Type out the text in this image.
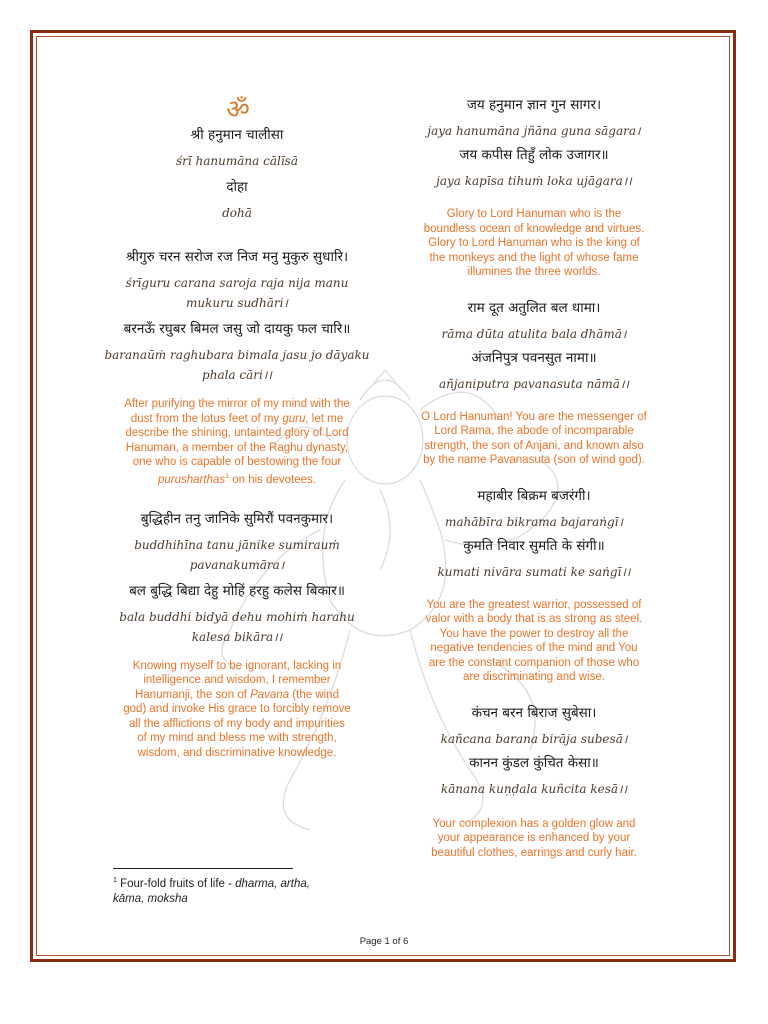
ॐ
श्री हनुमान चालीसा
śrī hanumāna cālīsā
दोहा
dohā
श्रीगुरु चरन सरोज रज निज मनु मुकुरु सुधारि।
śrīguru carana saroja raja nija manu
mukuru sudhāri।
बरनऊँ रघुबर बिमल जसु जो दायकु फल चारि॥
baranaūṁ raghubara bimala jasu jo dāyaku
phala cāri।।
After purifying the mirror of my mind with the
dust from the lotus feet of my guru, let me
describe the shining, untainted glory of Lord
Hanuman, a member of the Raghu dynasty,
one who is capable of bestowing the four
purusharthas$^1$ on his devotees.
बुद्धिहीन तनु जानिके सुमिरौं पवनकुमार।
buddhihīna tanu jānike sumirauṁ
pavanakumāra।
बल बुद्धि बिद्या देहु मोहिं हरहु कलेस बिकार॥
bala buddhi bidyā dehu mohiṁ harahu
kalesa bikāra।।
Knowing myself to be ignorant, lacking in
intelligence and wisdom, I remember
Hanumanji, the son of Pavana (the wind
god) and invoke His grace to forcibly remove
all the afflictions of my body and impurities
of my mind and bless me with strength,
wisdom, and discriminative knowledge.
जय हनुमान ज्ञान गुन सागर।
jaya hanumāna jñāna guna sāgara।
जय कपीस तिहुँ लोक उजागर॥
jaya kapīsa tihuṁ loka ujāgara।।
Glory to Lord Hanuman who is the
boundless ocean of knowledge and virtues.
Glory to Lord Hanuman who is the king of
the monkeys and the light of whose fame
illumines the three worlds.
राम दूत अतुलित बल धामा।
rāma dūta atulita bala dhāmā।
अंजनिपुत्र पवनसुत नामा॥
añjaniputra pavanasuta nāmā।।
O Lord Hanuman! You are the messenger of
Lord Rama, the abode of incomparable
strength, the son of Anjani, and known also
by the name Pavanasuta (son of wind god).
महाबीर बिक्रम बजरंगी।
mahābīra bikrama bajaraṅgī।
कुमति निवार सुमति के संगी॥
kumati nivāra sumati ke saṅgī।।
You are the greatest warrior, possessed of
valor with a body that is as strong as steel.
You have the power to destroy all the
negative tendencies of the mind and You
are the constant companion of those who
are discriminating and wise.
कंचन बरन बिराज सुबेसा।
kañcana barana birāja subesā।
कानन कुंडल कुंचित केसा॥
kānana kuṇḍala kuñcita kesā।।
Your complexion has a golden glow and
your appearance is enhanced by your
beautiful clothes, earrings and curly hair.
$^1$ Four-fold fruits of life - dharma, artha,
kāma, moksha
Page 1 of 6
